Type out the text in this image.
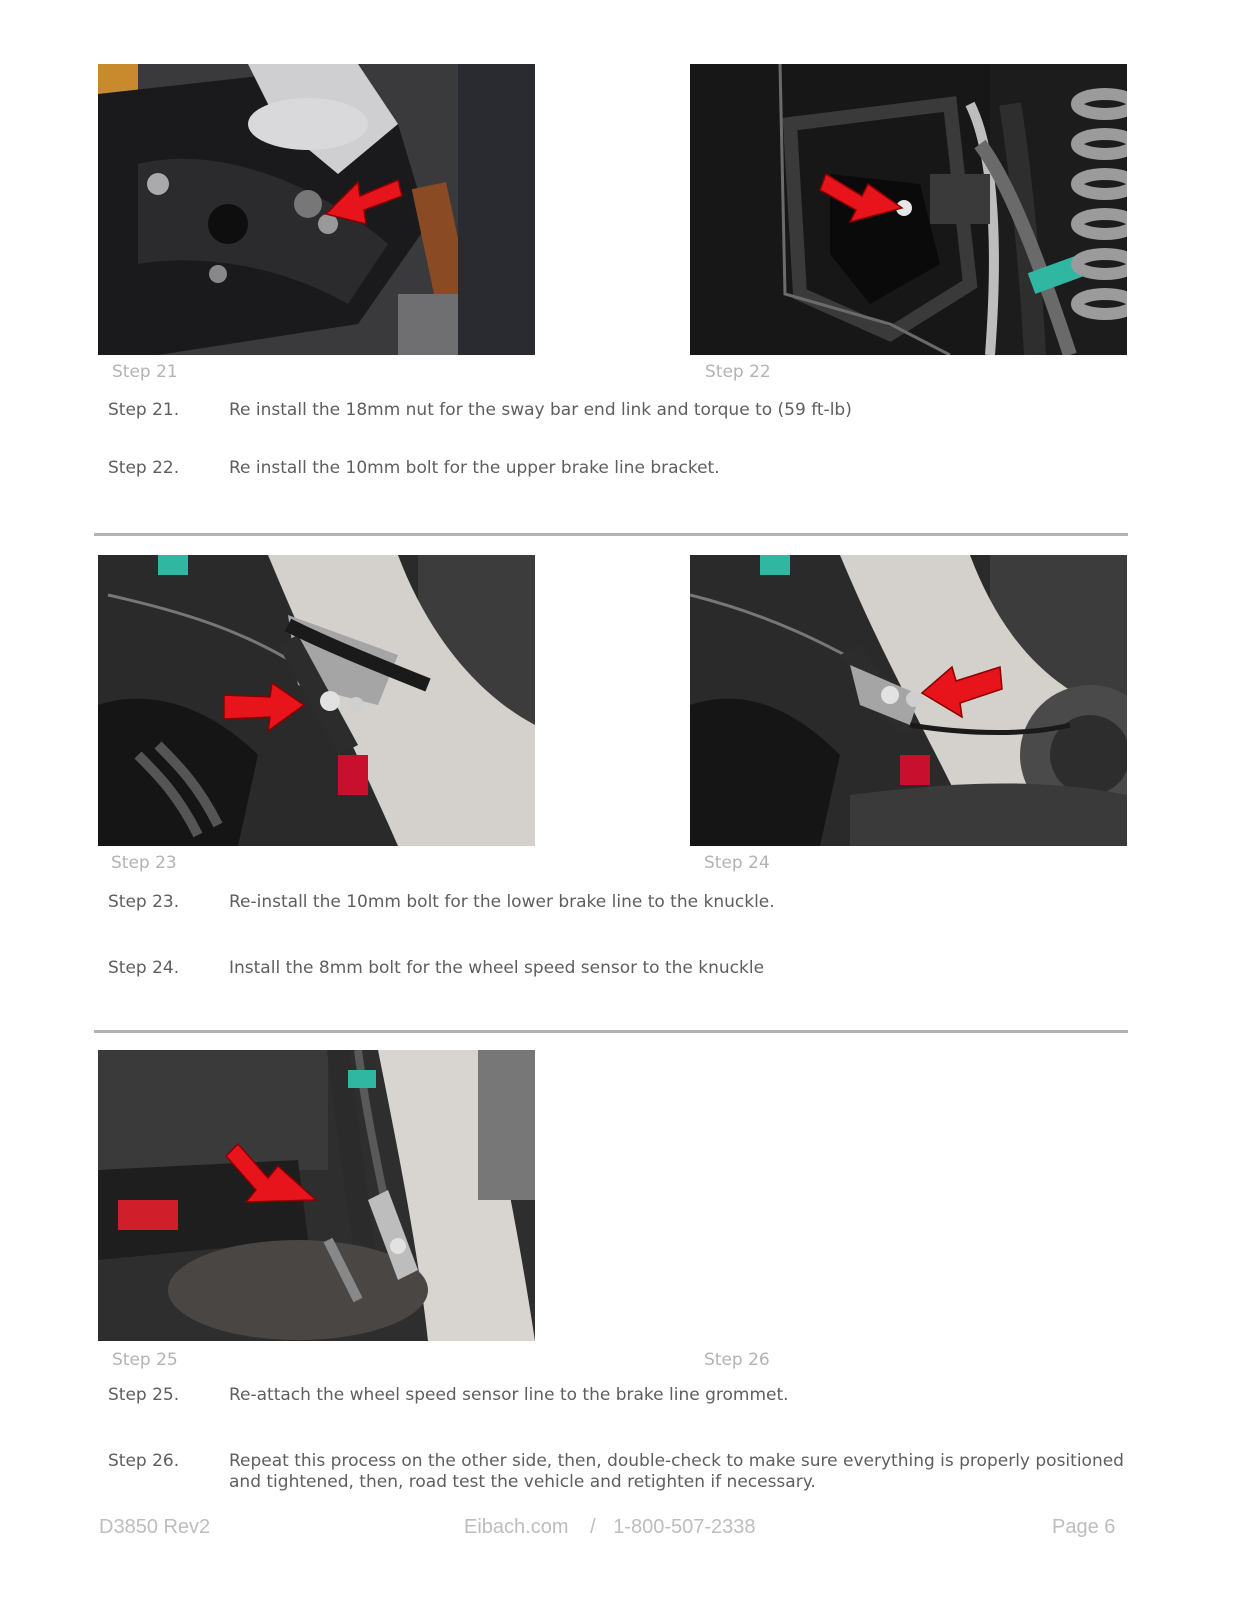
Step 21	Step 22
Step 21.	Re install the 18mm nut for the sway bar end link and torque to (59 ft-lb)
Step 22.	Re install the 10mm bolt for the upper brake line bracket.
Step 23	Step 24
Step 23.	Re-install the 10mm bolt for the lower brake line to the knuckle.
Step 24.	Install the 8mm bolt for the wheel speed sensor to the knuckle
Step 25	Step 26
Step 25.	Re-attach the wheel speed sensor line to the brake line grommet.
Step 26.	Repeat this process on the other side, then, double-check to make sure everything is properly positioned and tightened, then, road test the vehicle and retighten if necessary.
D3850 Rev2	Eibach.com / 1-800-507-2338	Page 6
